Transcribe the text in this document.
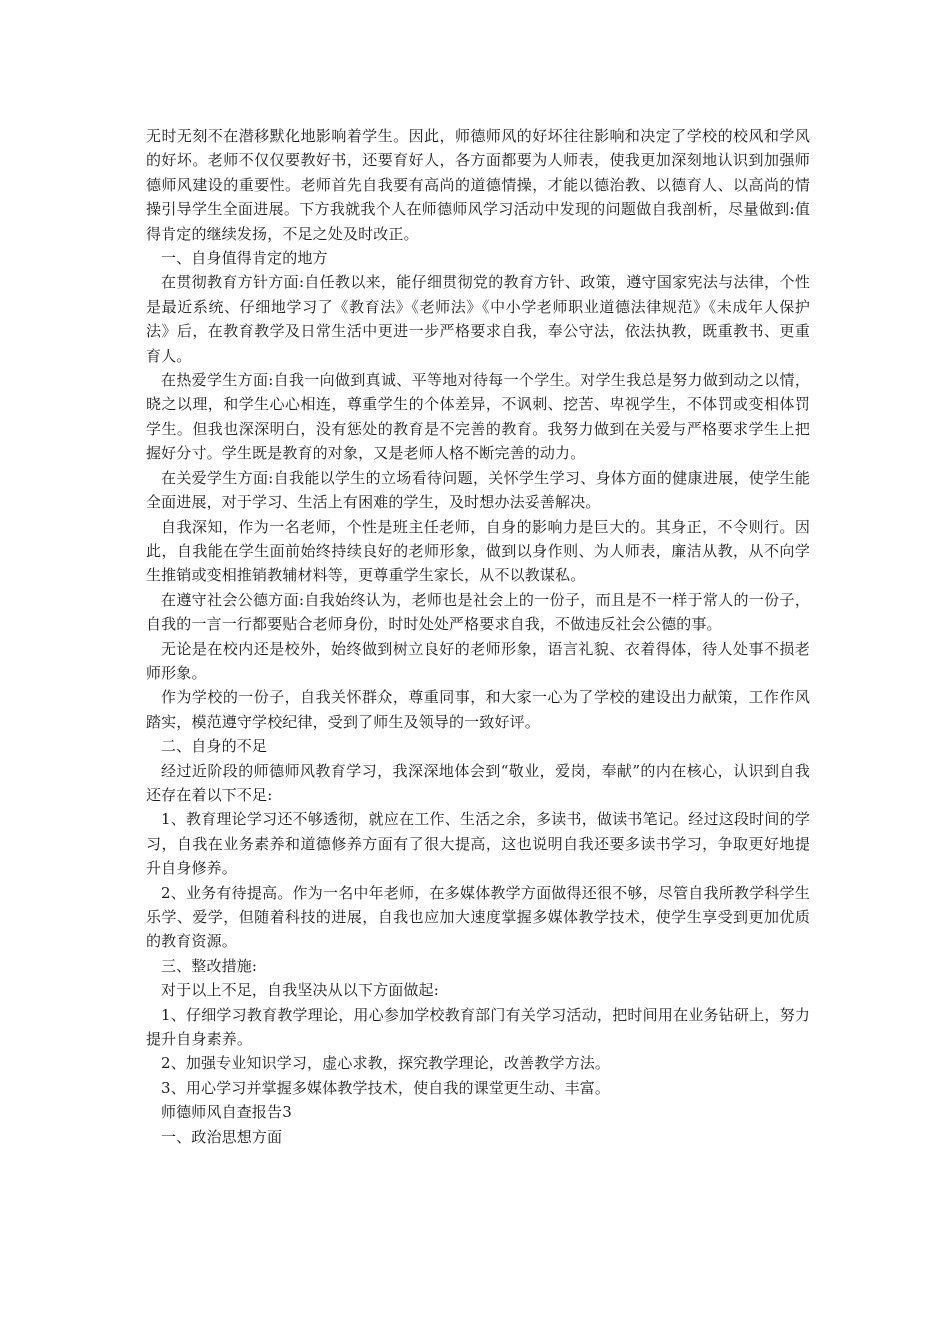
无时无刻不在潜移默化地影响着学生。因此，师德师风的好坏往往影响和决定了学校的校风和学风的好坏。老师不仅仅要教好书，还要育好人，各方面都要为人师表，使我更加深刻地认识到加强师德师风建设的重要性。老师首先自我要有高尚的道德情操，才能以德治教、以德育人、以高尚的情操引导学生全面进展。下方我就我个人在师德师风学习活动中发现的问题做自我剖析，尽量做到:值得肯定的继续发扬，不足之处及时改正。

一、自身值得肯定的地方

在贯彻教育方针方面:自任教以来，能仔细贯彻党的教育方针、政策，遵守国家宪法与法律，个性是最近系统、仔细地学习了《教育法》《老师法》《中小学老师职业道德法律规范》《未成年人保护法》后，在教育教学及日常生活中更进一步严格要求自我，奉公守法，依法执教，既重教书、更重育人。

在热爱学生方面:自我一向做到真诚、平等地对待每一个学生。对学生我总是努力做到动之以情，晓之以理，和学生心心相连，尊重学生的个体差异，不讽刺、挖苦、卑视学生，不体罚或变相体罚学生。但我也深深明白，没有惩处的教育是不完善的教育。我努力做到在关爱与严格要求学生上把握好分寸。学生既是教育的对象，又是老师人格不断完善的动力。

在关爱学生方面:自我能以学生的立场看待问题，关怀学生学习、身体方面的健康进展，使学生能全面进展，对于学习、生活上有困难的学生，及时想办法妥善解决。

自我深知，作为一名老师，个性是班主任老师，自身的影响力是巨大的。其身正，不令则行。因此，自我能在学生面前始终持续良好的老师形象，做到以身作则、为人师表，廉洁从教，从不向学生推销或变相推销教辅材料等，更尊重学生家长，从不以教谋私。

在遵守社会公德方面:自我始终认为，老师也是社会上的一份子，而且是不一样于常人的一份子，自我的一言一行都要贴合老师身份，时时处处严格要求自我，不做违反社会公德的事。

无论是在校内还是校外，始终做到树立良好的老师形象，语言礼貌、衣着得体，待人处事不损老师形象。

作为学校的一份子，自我关怀群众，尊重同事，和大家一心为了学校的建设出力献策，工作作风踏实，模范遵守学校纪律，受到了师生及领导的一致好评。

二、自身的不足

经过近阶段的师德师风教育学习，我深深地体会到“敬业，爱岗，奉献”的内在核心，认识到自我还存在着以下不足:

1、教育理论学习还不够透彻，就应在工作、生活之余，多读书，做读书笔记。经过这段时间的学习，自我在业务素养和道德修养方面有了很大提高，这也说明自我还要多读书学习，争取更好地提升自身修养。

2、业务有待提高。作为一名中年老师，在多媒体教学方面做得还很不够，尽管自我所教学科学生乐学、爱学，但随着科技的进展，自我也应加大速度掌握多媒体教学技术，使学生享受到更加优质的教育资源。

三、整改措施:

对于以上不足，自我坚决从以下方面做起:

1、仔细学习教育教学理论，用心参加学校教育部门有关学习活动，把时间用在业务钻研上，努力提升自身素养。

2、加强专业知识学习，虚心求教，探究教学理论，改善教学方法。

3、用心学习并掌握多媒体教学技术，使自我的课堂更生动、丰富。

师德师风自查报告3

一、政治思想方面
